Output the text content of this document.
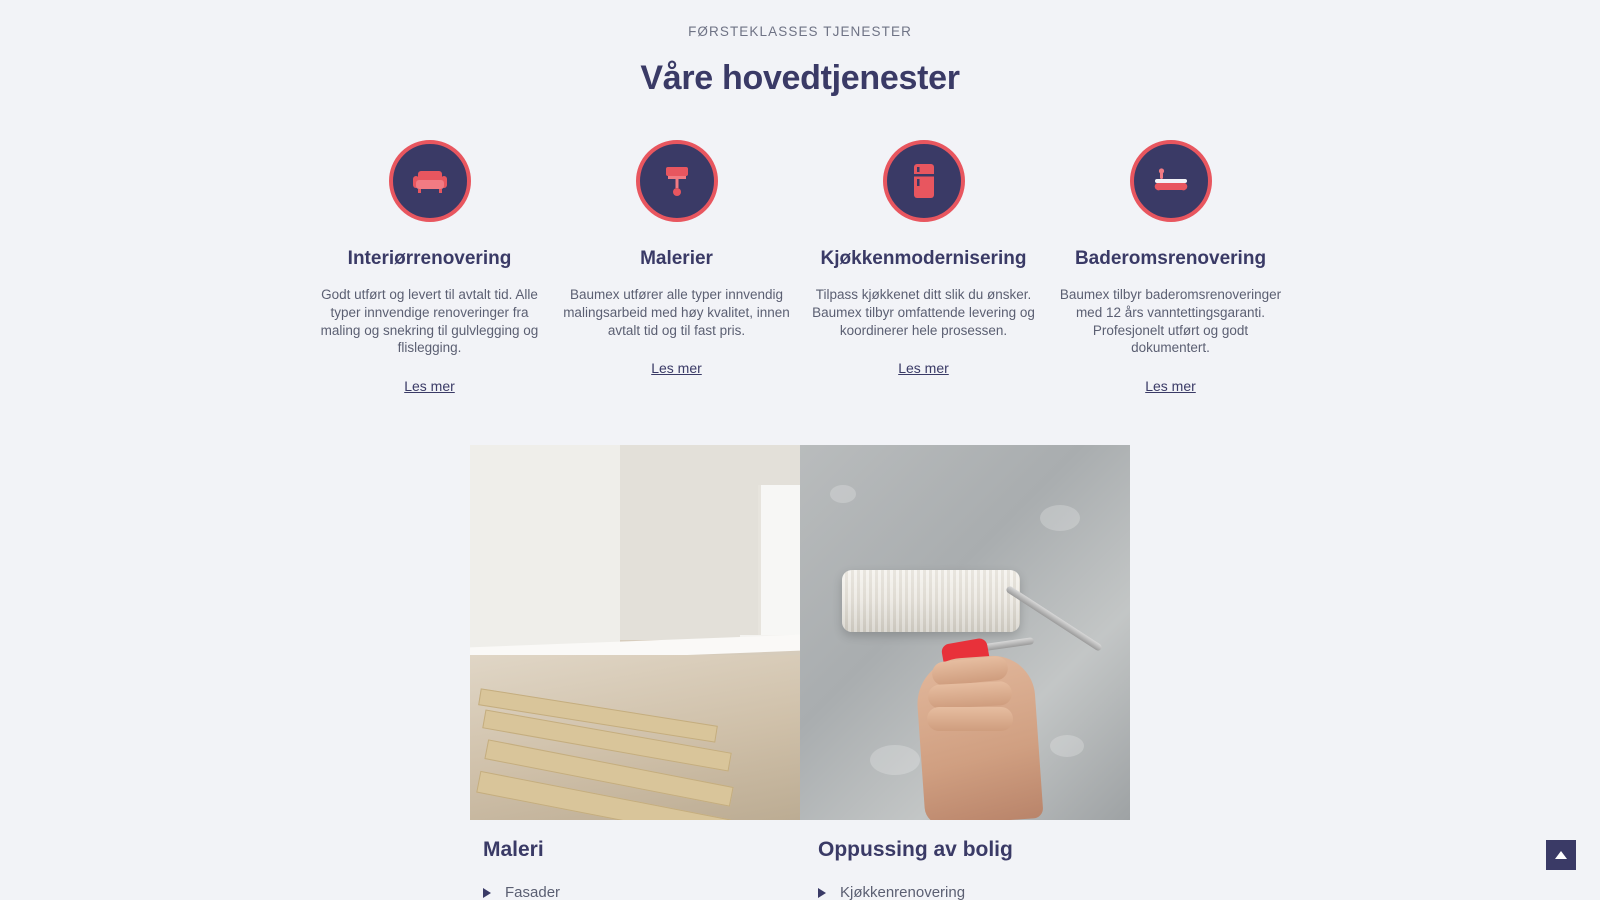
FØRSTEKLASSES TJENESTER
Våre hovedtjenester
Interiørrenovering
Godt utført og levert til avtalt tid. Alle typer innvendige renoveringer fra maling og snekring til gulvlegging og flislegging.
Les mer
Malerier
Baumex utfører alle typer innvendig malingsarbeid med høy kvalitet, innen avtalt tid og til fast pris.
Les mer
Kjøkkenmodernisering
Tilpass kjøkkenet ditt slik du ønsker. Baumex tilbyr omfattende levering og koordinerer hele prosessen.
Les mer
Baderomsrenovering
Baumex tilbyr baderomsrenoveringer med 12 års vanntettingsgaranti. Profesjonelt utført og godt dokumentert.
Les mer
Maleri
Fasader
Oppussing av bolig
Kjøkkenrenovering
